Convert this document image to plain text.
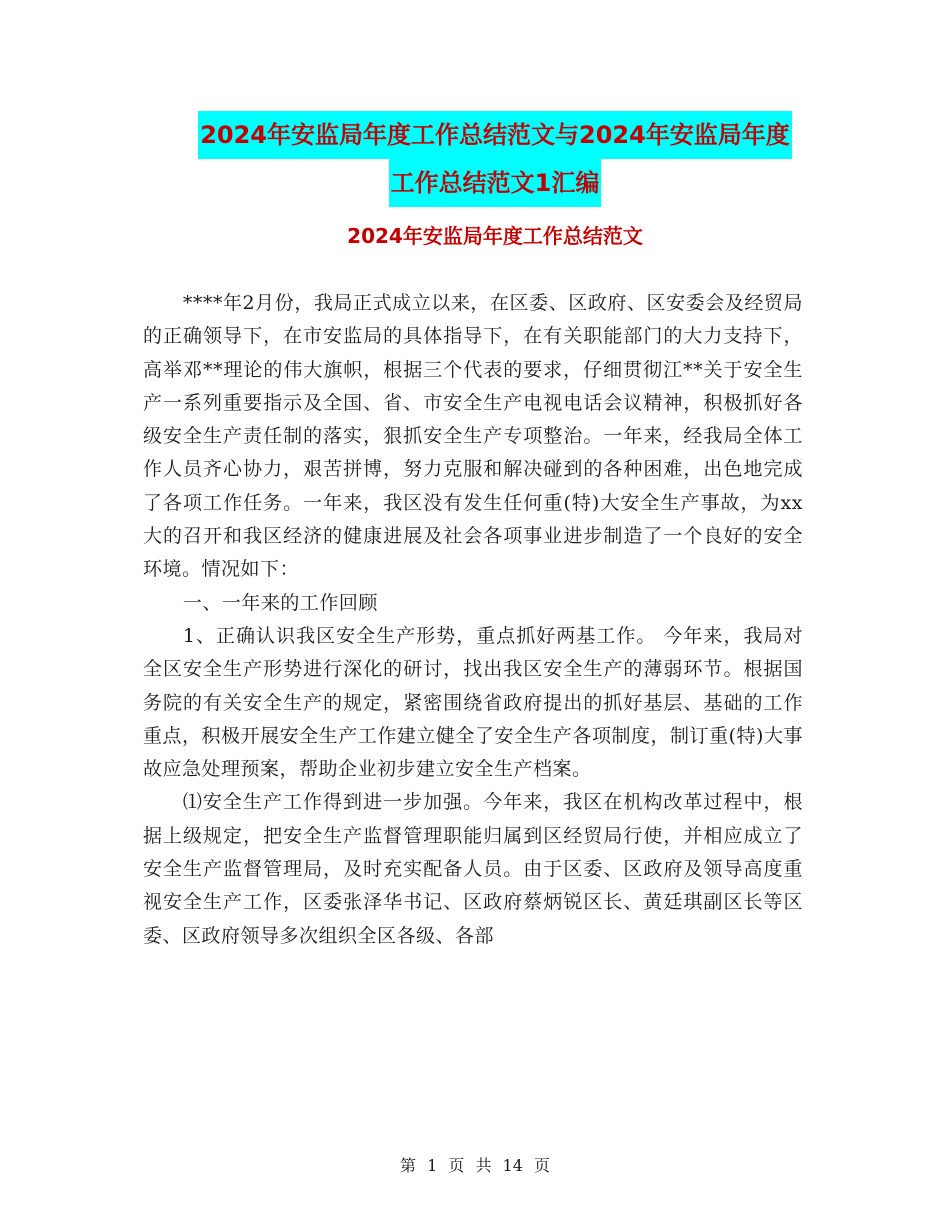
2024年安监局年度工作总结范文与2024年安监局年度
工作总结范文1汇编
2024年安监局年度工作总结范文

****年2月份，我局正式成立以来，在区委、区政府、区安委会及经贸局的正确领导下，在市安监局的具体指导下，在有关职能部门的大力支持下，高举邓**理论的伟大旗帜，根据三个代表的要求，仔细贯彻江**关于安全生产一系列重要指示及全国、省、市安全生产电视电话会议精神，积极抓好各级安全生产责任制的落实，狠抓安全生产专项整治。一年来，经我局全体工作人员齐心协力，艰苦拼博，努力克服和解决碰到的各种困难，出色地完成了各项工作任务。一年来，我区没有发生任何重(特)大安全生产事故，为xx大的召开和我区经济的健康进展及社会各项事业进步制造了一个良好的安全环境。情况如下：

一、一年来的工作回顾

1、正确认识我区安全生产形势，重点抓好两基工作。 今年来，我局对全区安全生产形势进行深化的研讨，找出我区安全生产的薄弱环节。根据国务院的有关安全生产的规定，紧密围绕省政府提出的抓好基层、基础的工作重点，积极开展安全生产工作建立健全了安全生产各项制度，制订重(特)大事故应急处理预案，帮助企业初步建立安全生产档案。

⑴安全生产工作得到进一步加强。今年来，我区在机构改革过程中，根据上级规定，把安全生产监督管理职能归属到区经贸局行使，并相应成立了安全生产监督管理局，及时充实配备人员。由于区委、区政府及领导高度重视安全生产工作，区委张泽华书记、区政府蔡炳锐区长、黄廷琪副区长等区委、区政府领导多次组织全区各级、各部

第 1 页 共 14 页
